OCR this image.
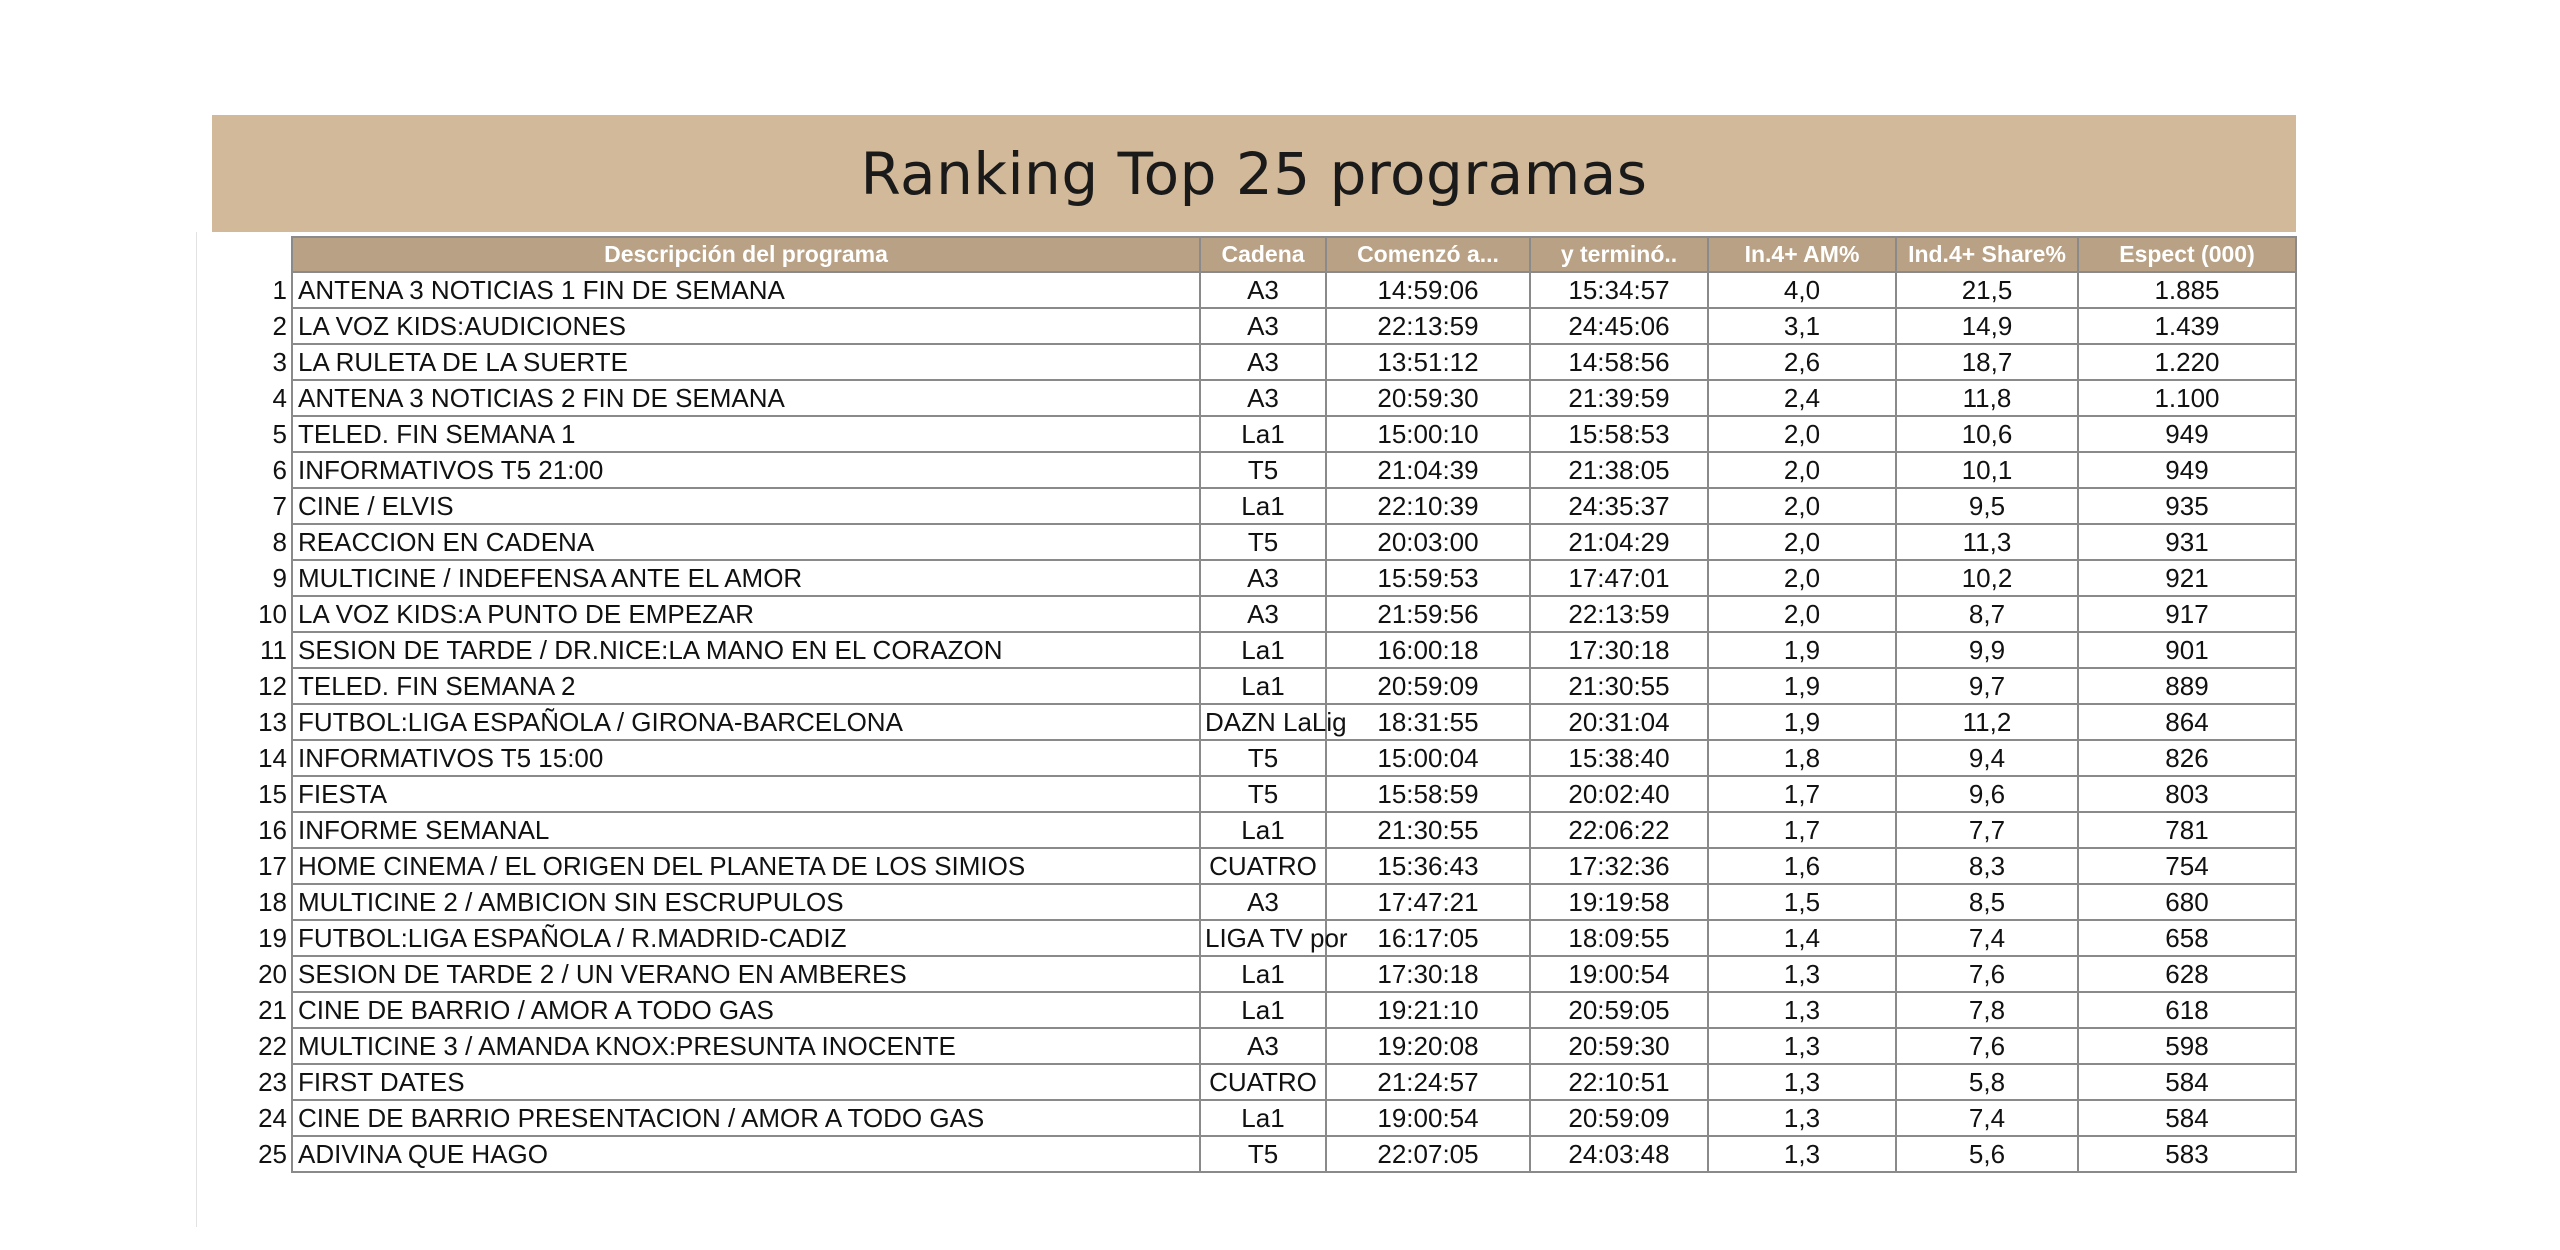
Ranking Top 25 programas
	Descripción del programa	Cadena	Comenzó a...	y terminó..	In.4+ AM%	Ind.4+ Share%	Espect (000)
1	ANTENA 3 NOTICIAS 1 FIN DE SEMANA	A3	14:59:06	15:34:57	4,0	21,5	1.885
2	LA VOZ KIDS:AUDICIONES	A3	22:13:59	24:45:06	3,1	14,9	1.439
3	LA RULETA DE LA SUERTE	A3	13:51:12	14:58:56	2,6	18,7	1.220
4	ANTENA 3 NOTICIAS 2 FIN DE SEMANA	A3	20:59:30	21:39:59	2,4	11,8	1.100
5	TELED. FIN SEMANA 1	La1	15:00:10	15:58:53	2,0	10,6	949
6	INFORMATIVOS T5 21:00	T5	21:04:39	21:38:05	2,0	10,1	949
7	CINE / ELVIS	La1	22:10:39	24:35:37	2,0	9,5	935
8	REACCION EN CADENA	T5	20:03:00	21:04:29	2,0	11,3	931
9	MULTICINE / INDEFENSA ANTE EL AMOR	A3	15:59:53	17:47:01	2,0	10,2	921
10	LA VOZ KIDS:A PUNTO DE EMPEZAR	A3	21:59:56	22:13:59	2,0	8,7	917
11	SESION DE TARDE / DR.NICE:LA MANO EN EL CORAZON	La1	16:00:18	17:30:18	1,9	9,9	901
12	TELED. FIN SEMANA 2	La1	20:59:09	21:30:55	1,9	9,7	889
13	FUTBOL:LIGA ESPAÑOLA / GIRONA-BARCELONA	DAZN LaLig	18:31:55	20:31:04	1,9	11,2	864
14	INFORMATIVOS T5 15:00	T5	15:00:04	15:38:40	1,8	9,4	826
15	FIESTA	T5	15:58:59	20:02:40	1,7	9,6	803
16	INFORME SEMANAL	La1	21:30:55	22:06:22	1,7	7,7	781
17	HOME CINEMA / EL ORIGEN DEL PLANETA DE LOS SIMIOS	CUATRO	15:36:43	17:32:36	1,6	8,3	754
18	MULTICINE 2 / AMBICION SIN ESCRUPULOS	A3	17:47:21	19:19:58	1,5	8,5	680
19	FUTBOL:LIGA ESPAÑOLA / R.MADRID-CADIZ	LIGA TV por	16:17:05	18:09:55	1,4	7,4	658
20	SESION DE TARDE 2 / UN VERANO EN AMBERES	La1	17:30:18	19:00:54	1,3	7,6	628
21	CINE DE BARRIO / AMOR A TODO GAS	La1	19:21:10	20:59:05	1,3	7,8	618
22	MULTICINE 3 / AMANDA KNOX:PRESUNTA INOCENTE	A3	19:20:08	20:59:30	1,3	7,6	598
23	FIRST DATES	CUATRO	21:24:57	22:10:51	1,3	5,8	584
24	CINE DE BARRIO PRESENTACION / AMOR A TODO GAS	La1	19:00:54	20:59:09	1,3	7,4	584
25	ADIVINA QUE HAGO	T5	22:07:05	24:03:48	1,3	5,6	583
